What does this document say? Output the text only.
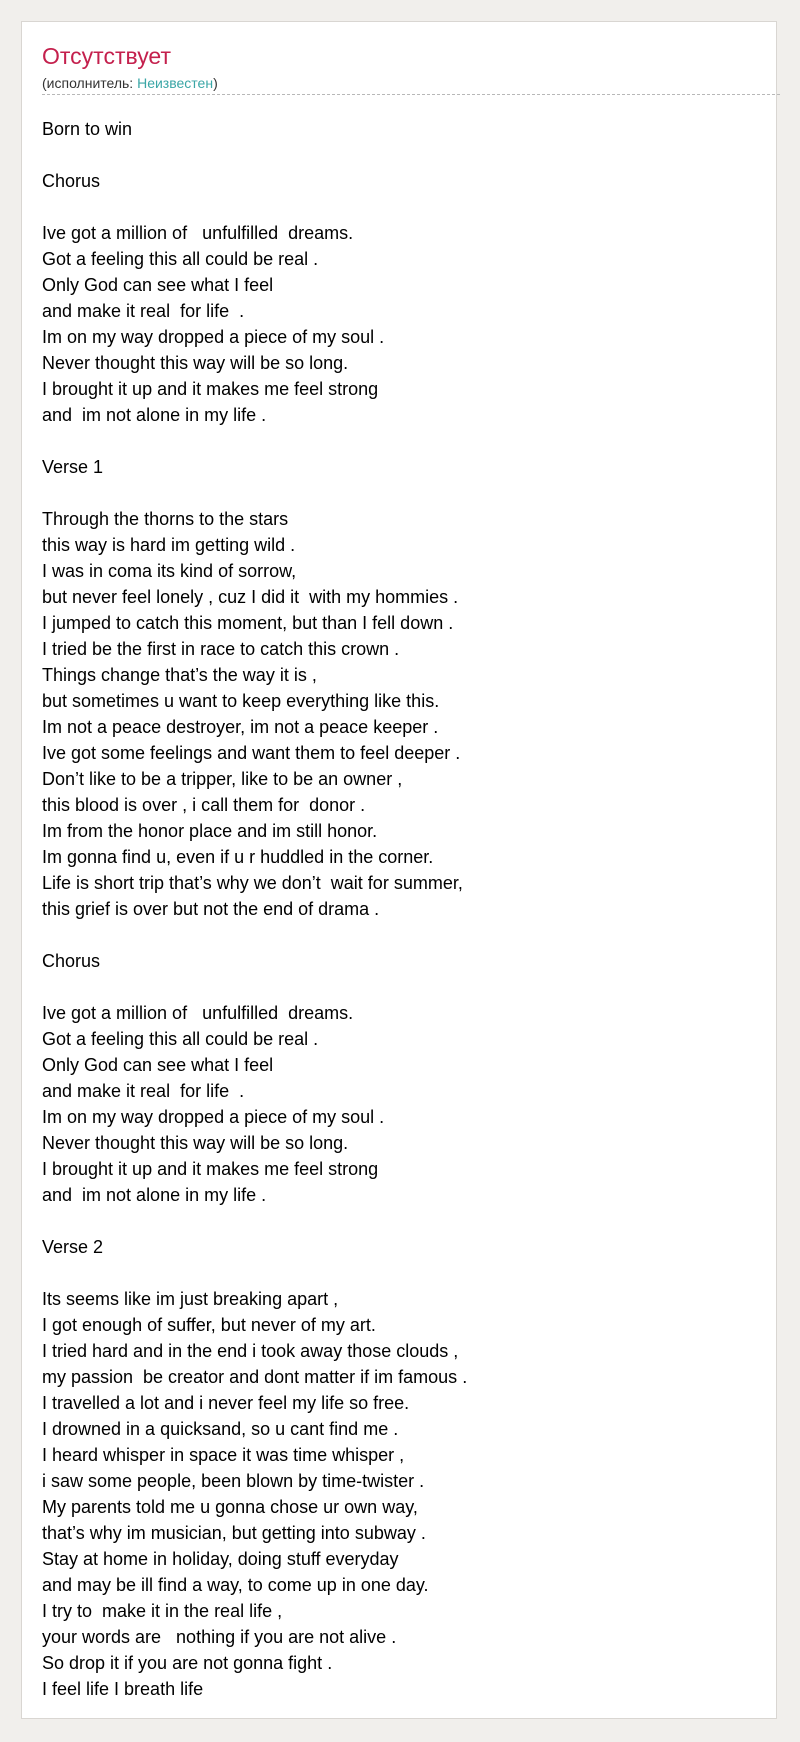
Отсутствует
(исполнитель: Неизвестен)
Born to win
Chorus
Ive got a million of   unfulfilled  dreams.
Got a feeling this all could be real .
Only God can see what I feel
and make it real  for life  .
Im on my way dropped a piece of my soul .
Never thought this way will be so long.
I brought it up and it makes me feel strong
and  im not alone in my life .
Verse 1
Through the thorns to the stars
this way is hard im getting wild .
I was in coma its kind of sorrow,
but never feel lonely , cuz I did it  with my hommies .
I jumped to catch this moment, but than I fell down .
I tried be the first in race to catch this crown .
Things change that’s the way it is ,
but sometimes u want to keep everything like this.
Im not a peace destroyer, im not a peace keeper .
Ive got some feelings and want them to feel deeper .
Don’t like to be a tripper, like to be an owner ,
this blood is over , i call them for  donor .
Im from the honor place and im still honor.
Im gonna find u, even if u r huddled in the corner.
Life is short trip that’s why we don’t  wait for summer,
this grief is over but not the end of drama .
Chorus
Ive got a million of   unfulfilled  dreams.
Got a feeling this all could be real .
Only God can see what I feel
and make it real  for life  .
Im on my way dropped a piece of my soul .
Never thought this way will be so long.
I brought it up and it makes me feel strong
and  im not alone in my life .
Verse 2
Its seems like im just breaking apart ,
I got enough of suffer, but never of my art.
I tried hard and in the end i took away those clouds ,
my passion  be creator and dont matter if im famous .
I travelled a lot and i never feel my life so free.
I drowned in a quicksand, so u cant find me .
I heard whisper in space it was time whisper ,
i saw some people, been blown by time-twister .
My parents told me u gonna chose ur own way,
that’s why im musician, but getting into subway .
Stay at home in holiday, doing stuff everyday
and may be ill find a way, to come up in one day.
I try to  make it in the real life ,
your words are   nothing if you are not alive .
So drop it if you are not gonna fight .
I feel life I breath life
